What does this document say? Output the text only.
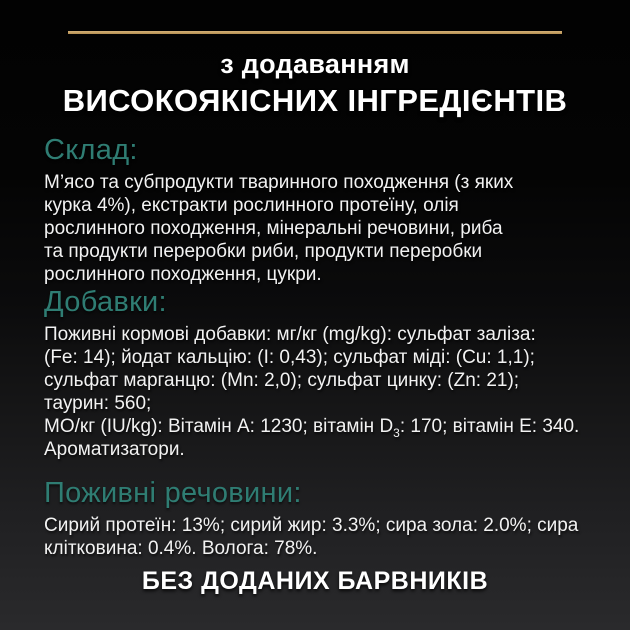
з додаванням
ВИСОКОЯКІСНИХ ІНГРЕДІЄНТІВ
Склад:
М’ясо та субпродукти тваринного походження (з яких
курка 4%), екстракти рослинного протеїну, олія
рослинного походження, мінеральні речовини, риба
та продукти переробки риби, продукти переробки
рослинного походження, цукри.
Добавки:
Поживні кормові добавки: мг/кг (mg/kg): сульфат заліза:
(Fe: 14); йодат кальцію: (I: 0,43); сульфат міді: (Cu: 1,1);
сульфат марганцю: (Mn: 2,0); сульфат цинку: (Zn: 21);
таурин: 560;
МО/кг (IU/kg): Вітамін A: 1230; вітамін $D_3$: 170; вітамін E: 340.
Ароматизатори.
Поживні речовини:
Сирий протеїн: 13%; сирий жир: 3.3%; сира зола: 2.0%; сира
клітковина: 0.4%. Волога: 78%.
БЕЗ ДОДАНИХ БАРВНИКІВ
